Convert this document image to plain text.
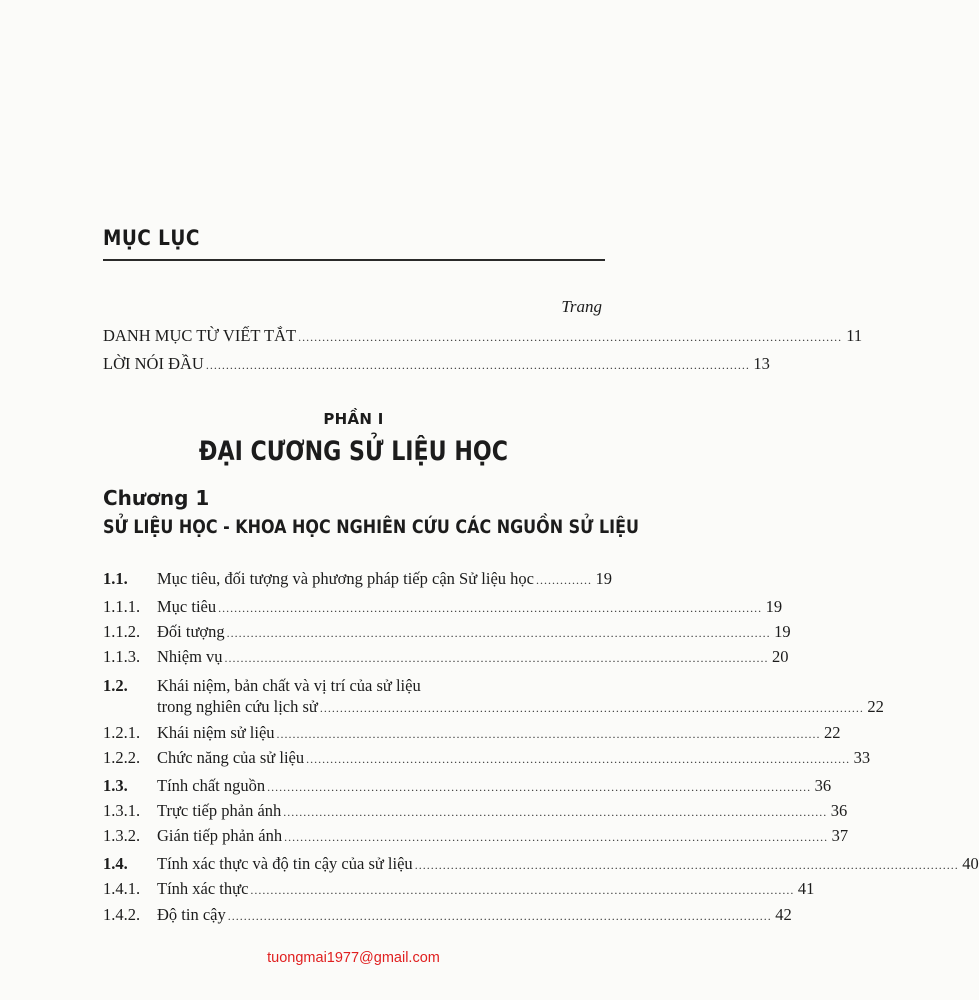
MỤC LỤC
Trang
DANH MỤC TỪ VIẾT TẮT ........................................................................................................................................ 11
LỜI NÓI ĐẦU ........................................................................................................................................ 13
PHẦN I
ĐẠI CƯƠNG SỬ LIỆU HỌC
Chương 1
SỬ LIỆU HỌC - KHOA HỌC NGHIÊN CỨU CÁC NGUỒN SỬ LIỆU
1.1.	Mục tiêu, đối tượng và phương pháp tiếp cận Sử liệu học .............. 19
1.1.1.	Mục tiêu ........................................................................................................................................ 19
1.1.2.	Đối tượng ........................................................................................................................................ 19
1.1.3.	Nhiệm vụ ........................................................................................................................................ 20
1.2.	Khái niệm, bản chất và vị trí của sử liệu
trong nghiên cứu lịch sử ........................................................................................................................................ 22
1.2.1.	Khái niệm sử liệu ........................................................................................................................................ 22
1.2.2.	Chức năng của sử liệu ........................................................................................................................................ 33
1.3.	Tính chất nguồn ........................................................................................................................................ 36
1.3.1.	Trực tiếp phản ánh ........................................................................................................................................ 36
1.3.2.	Gián tiếp phản ánh ........................................................................................................................................ 37
1.4.	Tính xác thực và độ tin cậy của sử liệu ........................................................................................................................................ 40
1.4.1.	Tính xác thực ........................................................................................................................................ 41
1.4.2.	Độ tin cậy ........................................................................................................................................ 42
tuongmai1977@gmail.com
